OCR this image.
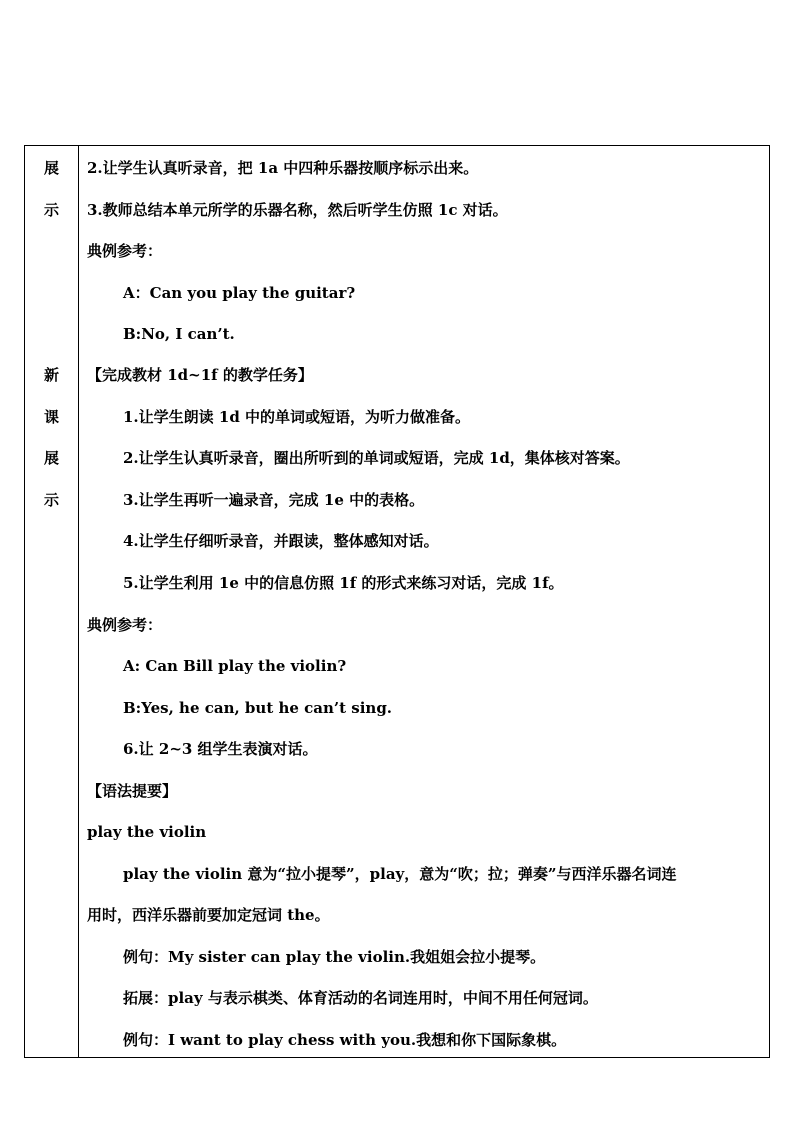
展
示
新
课
展
示
2.让学生认真听录音，把 1a 中四种乐器按顺序标示出来。
3.教师总结本单元所学的乐器名称，然后听学生仿照 1c 对话。
典例参考：
A：Can you play the guitar?
B:No, I can’t.
【完成教材 1d~1f 的教学任务】
1.让学生朗读 1d 中的单词或短语，为听力做准备。
2.让学生认真听录音，圈出所听到的单词或短语，完成 1d，集体核对答案。
3.让学生再听一遍录音，完成 1e 中的表格。
4.让学生仔细听录音，并跟读，整体感知对话。
5.让学生利用 1e 中的信息仿照 1f 的形式来练习对话，完成 1f。
典例参考：
A: Can Bill play the violin?
B:Yes, he can, but he can’t sing.
6.让 2~3 组学生表演对话。
【语法提要】
play the violin
play the violin 意为“拉小提琴”，play，意为“吹；拉；弹奏”与西洋乐器名词连
用时，西洋乐器前要加定冠词 the。
例句：My sister can play the violin.我姐姐会拉小提琴。
拓展：play 与表示棋类、体育活动的名词连用时，中间不用任何冠词。
例句：I want to play chess with you.我想和你下国际象棋。
